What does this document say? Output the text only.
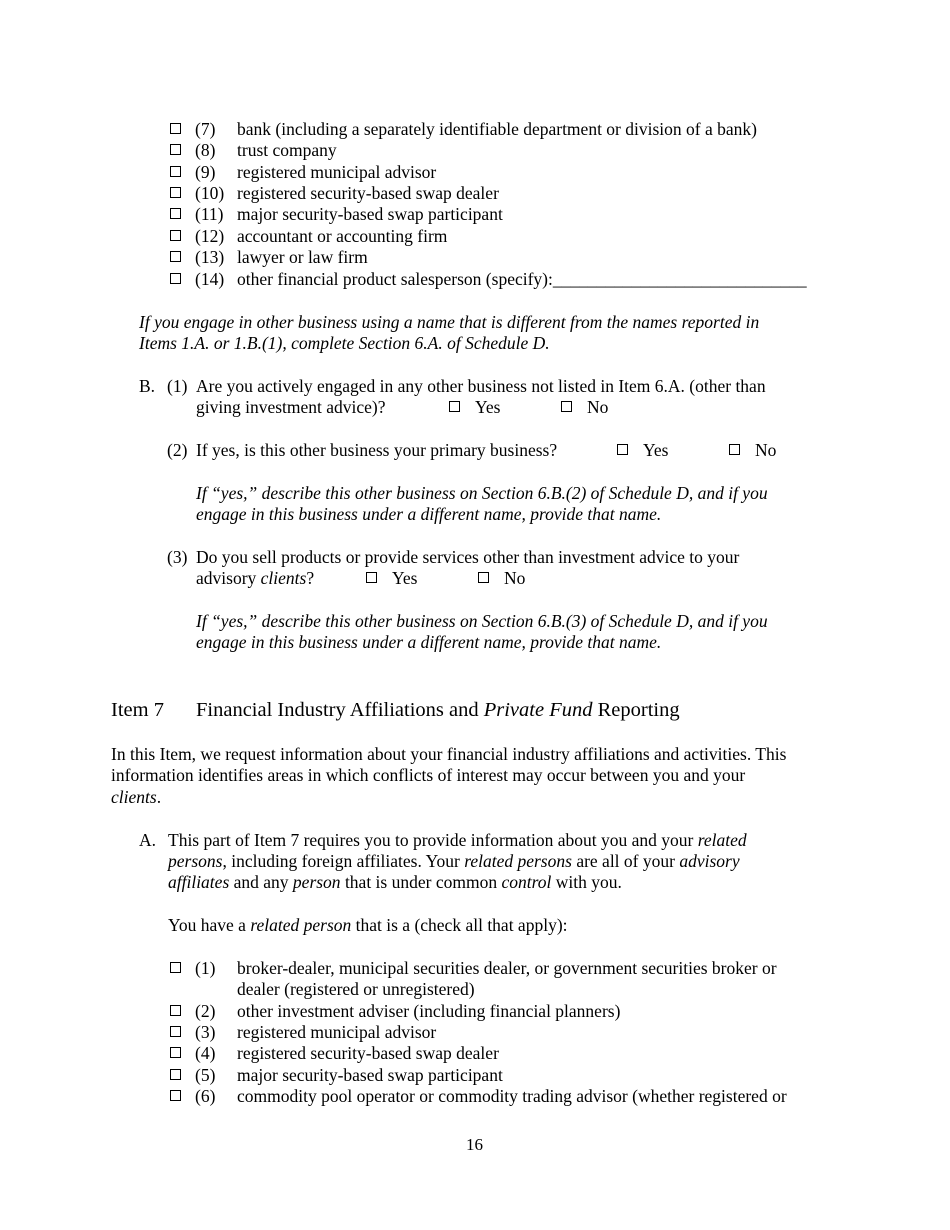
(7) bank (including a separately identifiable department or division of a bank)
(8) trust company
(9) registered municipal advisor
(10) registered security-based swap dealer
(11) major security-based swap participant
(12) accountant or accounting firm
(13) lawyer or law firm
(14) other financial product salesperson (specify):_____________________________
If you engage in other business using a name that is different from the names reported in
Items 1.A. or 1.B.(1), complete Section 6.A. of Schedule D.
B. (1) Are you actively engaged in any other business not listed in Item 6.A. (other than
giving investment advice)?	Yes	No
(2) If yes, is this other business your primary business?	Yes	No
If “yes,” describe this other business on Section 6.B.(2) of Schedule D, and if you
engage in this business under a different name, provide that name.
(3) Do you sell products or provide services other than investment advice to your
advisory clients?	Yes	No
If “yes,” describe this other business on Section 6.B.(3) of Schedule D, and if you
engage in this business under a different name, provide that name.
Item 7 Financial Industry Affiliations and Private Fund Reporting
In this Item, we request information about your financial industry affiliations and activities. This
information identifies areas in which conflicts of interest may occur between you and your
clients.
A. This part of Item 7 requires you to provide information about you and your related
persons, including foreign affiliates. Your related persons are all of your advisory
affiliates and any person that is under common control with you.
You have a related person that is a (check all that apply):
(1) broker-dealer, municipal securities dealer, or government securities broker or
dealer (registered or unregistered)
(2) other investment adviser (including financial planners)
(3) registered municipal advisor
(4) registered security-based swap dealer
(5) major security-based swap participant
(6) commodity pool operator or commodity trading advisor (whether registered or
16
